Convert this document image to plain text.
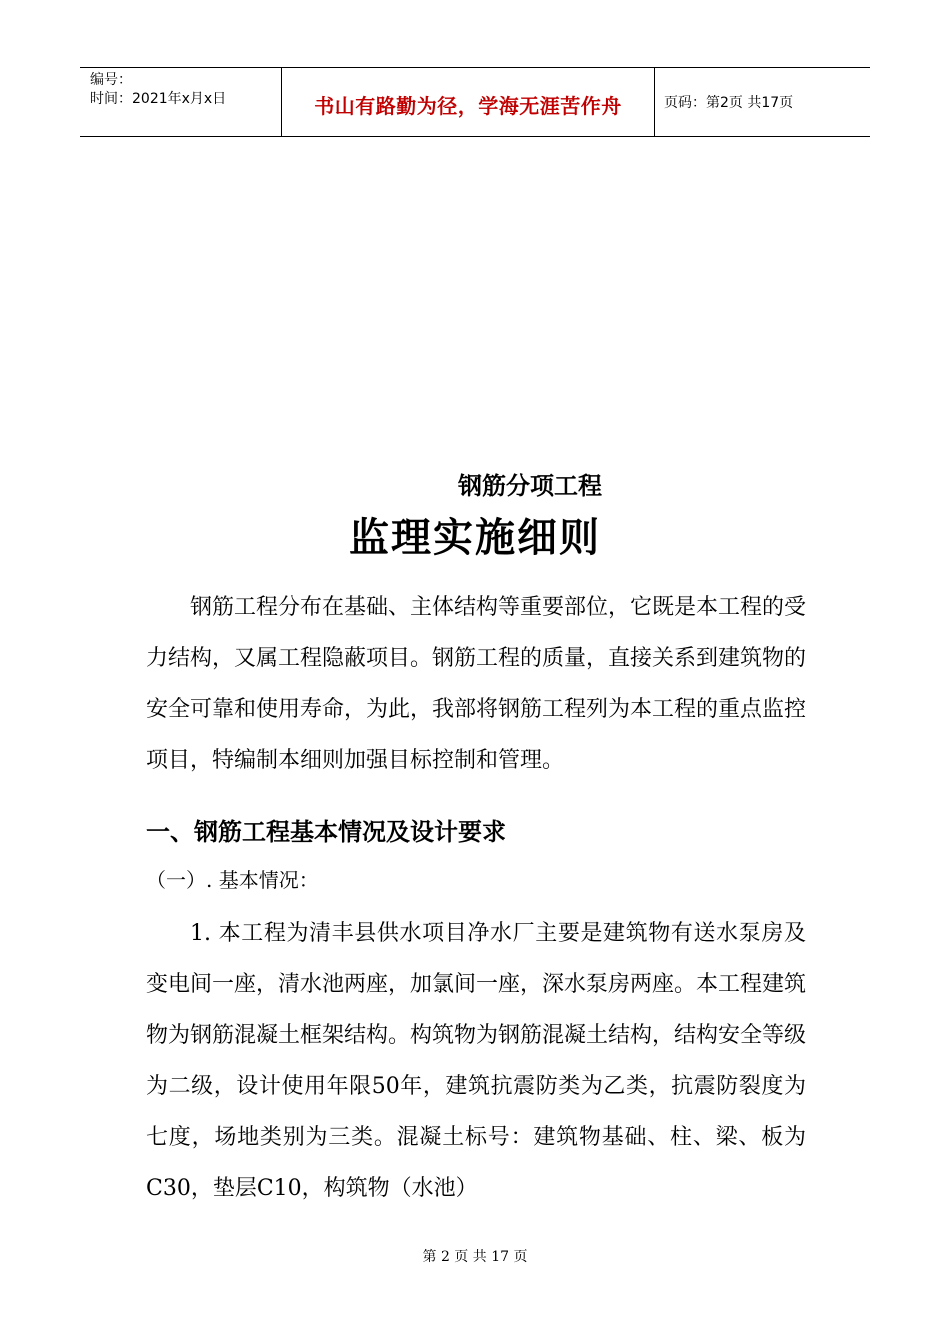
编号：
时间：2021年x月x日	书山有路勤为径，学海无涯苦作舟	页码：第2页 共17页
钢筋分项工程
监理实施细则
钢筋工程分布在基础、主体结构等重要部位，它既是本工程的受力结构，又属工程隐蔽项目。钢筋工程的质量，直接关系到建筑物的安全可靠和使用寿命，为此，我部将钢筋工程列为本工程的重点监控项目，特编制本细则加强目标控制和管理。
一、钢筋工程基本情况及设计要求
（一）. 基本情况：
1. 本工程为清丰县供水项目净水厂主要是建筑物有送水泵房及变电间一座，清水池两座，加氯间一座，深水泵房两座。本工程建筑物为钢筋混凝土框架结构。构筑物为钢筋混凝土结构，结构安全等级为二级，设计使用年限50年，建筑抗震防类为乙类，抗震防裂度为七度，场地类别为三类。混凝土标号：建筑物基础、柱、梁、板为C30，垫层C10，构筑物（水池）
第 2 页 共 17 页
